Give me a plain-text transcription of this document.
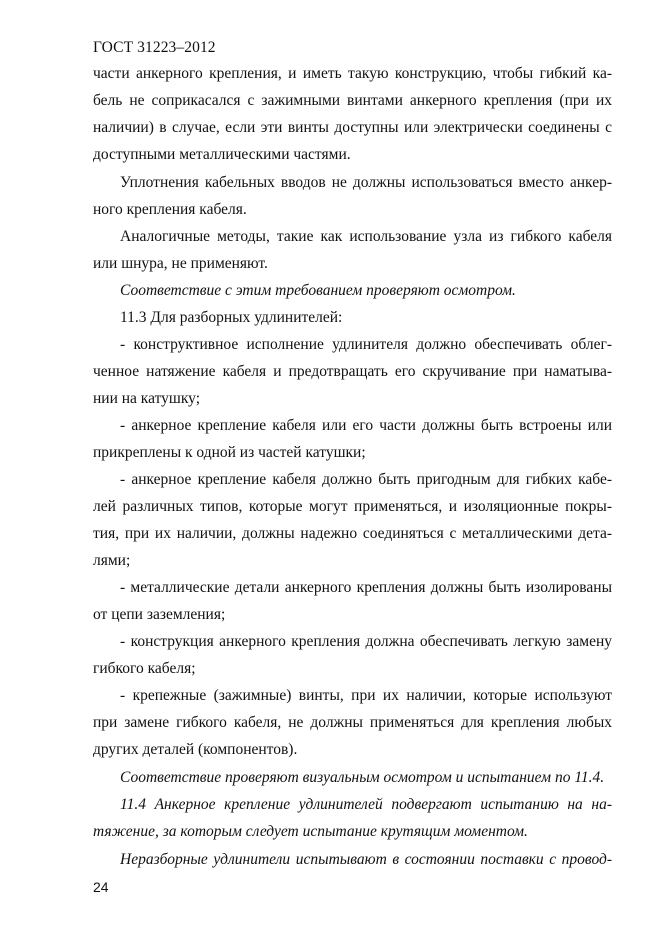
ГОСТ 31223–2012
части анкерного крепления, и иметь такую конструкцию, чтобы гибкий ка-
бель не соприкасался с зажимными винтами анкерного крепления (при их
наличии) в случае, если эти винты доступны или электрически соединены с
доступными металлическими частями.
Уплотнения кабельных вводов не должны использоваться вместо анкер-
ного крепления кабеля.
Аналогичные методы, такие как использование узла из гибкого кабеля
или шнура, не применяют.
Соответствие с этим требованием проверяют осмотром.
11.3 Для разборных удлинителей:
- конструктивное исполнение удлинителя должно обеспечивать облег-
ченное натяжение кабеля и предотвращать его скручивание при наматыва-
нии на катушку;
- анкерное крепление кабеля или его части должны быть встроены или
прикреплены к одной из частей катушки;
- анкерное крепление кабеля должно быть пригодным для гибких кабе-
лей различных типов, которые могут применяться, и изоляционные покры-
тия, при их наличии, должны надежно соединяться с металлическими дета-
лями;
- металлические детали анкерного крепления должны быть изолированы
от цепи заземления;
- конструкция анкерного крепления должна обеспечивать легкую замену
гибкого кабеля;
- крепежные (зажимные) винты, при их наличии, которые используют
при замене гибкого кабеля, не должны применяться для крепления любых
других деталей (компонентов).
Соответствие проверяют визуальным осмотром и испытанием по 11.4.
11.4 Анкерное крепление удлинителей подвергают испытанию на на-
тяжение, за которым следует испытание крутящим моментом.
Неразборные удлинители испытывают в состоянии поставки с провод-
24
